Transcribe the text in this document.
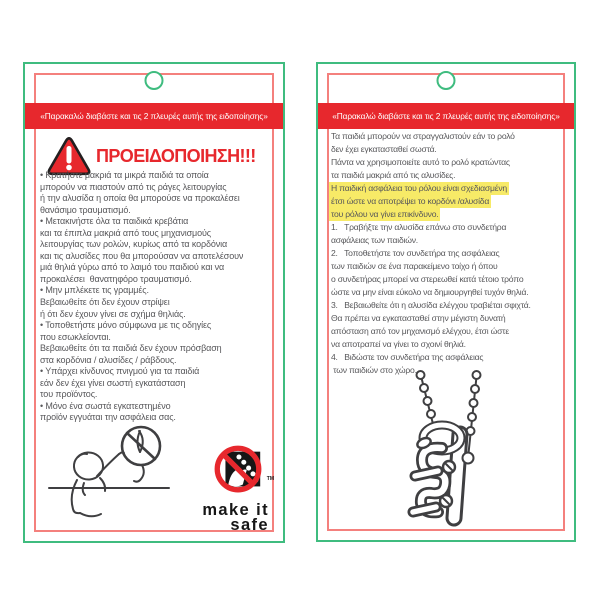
«Παρακαλώ διαβάστε και τις 2 πλευρές αυτής της ειδοποίησης»
ΠΡΟΕΙΔΟΠΟΙΗΣΗ!!!
• Κρατήστε μακριά τα μικρά παιδιά τα οποία
μπορούν να πιαστούν από τις ράγες λειτουργίας
ή την αλυσίδα η οποία θα μπορούσε να προκαλέσει
θανάσιμο τραυματισμό.
• Μετακινήστε όλα τα παιδικά κρεβάτια
και τα έπιπλα μακριά από τους μηχανισμούς
λειτουργίας των ρολών, κυρίως από τα κορδόνια
και τις αλυσίδες που θα μπορούσαν να αποτελέσουν
μιά θηλιά γύρω από το λαιμό του παιδιού και να
προκαλέσει  θανατηφόρο τραυματισμό.
• Μην μπλέκετε τις γραμμές.
Βεβαιωθείτε ότι δεν έχουν στρίψει
ή ότι δεν έχουν γίνει σε σχήμα θηλιάς.
• Τοποθετήστε μόνο σύμφωνα με τις οδηγίες
που εσωκλείονται.
Βεβαιωθείτε ότι τα παιδιά δεν έχουν πρόσβαση
στα κορδόνια / αλυσίδες / ράβδους.
• Υπάρχει κίνδυνος πνιγμού για τα παιδιά
εάν δεν έχει γίνει σωστή εγκατάσταση
του προϊόντος.
• Μόνο ένα σωστά εγκατεστημένο
προϊόν εγγυάται την ασφάλεια σας.
TM
make it
safe
«Παρακαλώ διαβάστε και τις 2 πλευρές αυτής της ειδοποίησης»
Τα παιδιά μπορούν να στραγγαλιστούν εάν το ρολό
δεν έχει εγκατασταθεί σωστά.
Πάντα να χρησιμοποιείτε αυτό το ρολό κρατώντας
τα παιδιά μακριά από τις αλυσίδες.
Η παιδική ασφάλεια του ρόλου είναι σχεδιασμένη
έτσι ώστε να αποτρέψει το κορδόνι /αλυσίδα
του ρόλου να γίνει επικίνδυνο.
1.   Τραβήξτε την αλυσίδα επάνω στο συνδετήρα
ασφάλειας των παιδιών.
2.   Τοποθετήστε τον συνδετήρα της ασφάλειας
των παιδιών σε ένα παρακείμενο τοίχο ή όπου
ο συνδετήρας μπορεί να στερεωθεί κατά τέτοιο τρόπο
ώστε να μην είναι εύκολο να δημιουργηθεί τυχόν θηλιά.
3.   Βεβαιωθείτε ότι η αλυσίδα ελέγχου τραβιέται σφιχτά.
Θα πρέπει να εγκατασταθεί στην μέγιστη δυνατή
απόσταση από τον μηχανισμό ελέγχου, έτσι ώστε
να αποτραπεί να γίνει το σχοινί θηλιά.
4.   Βιδώστε τον συνδετήρα της ασφάλειας
των παιδιών στο χώρο.
